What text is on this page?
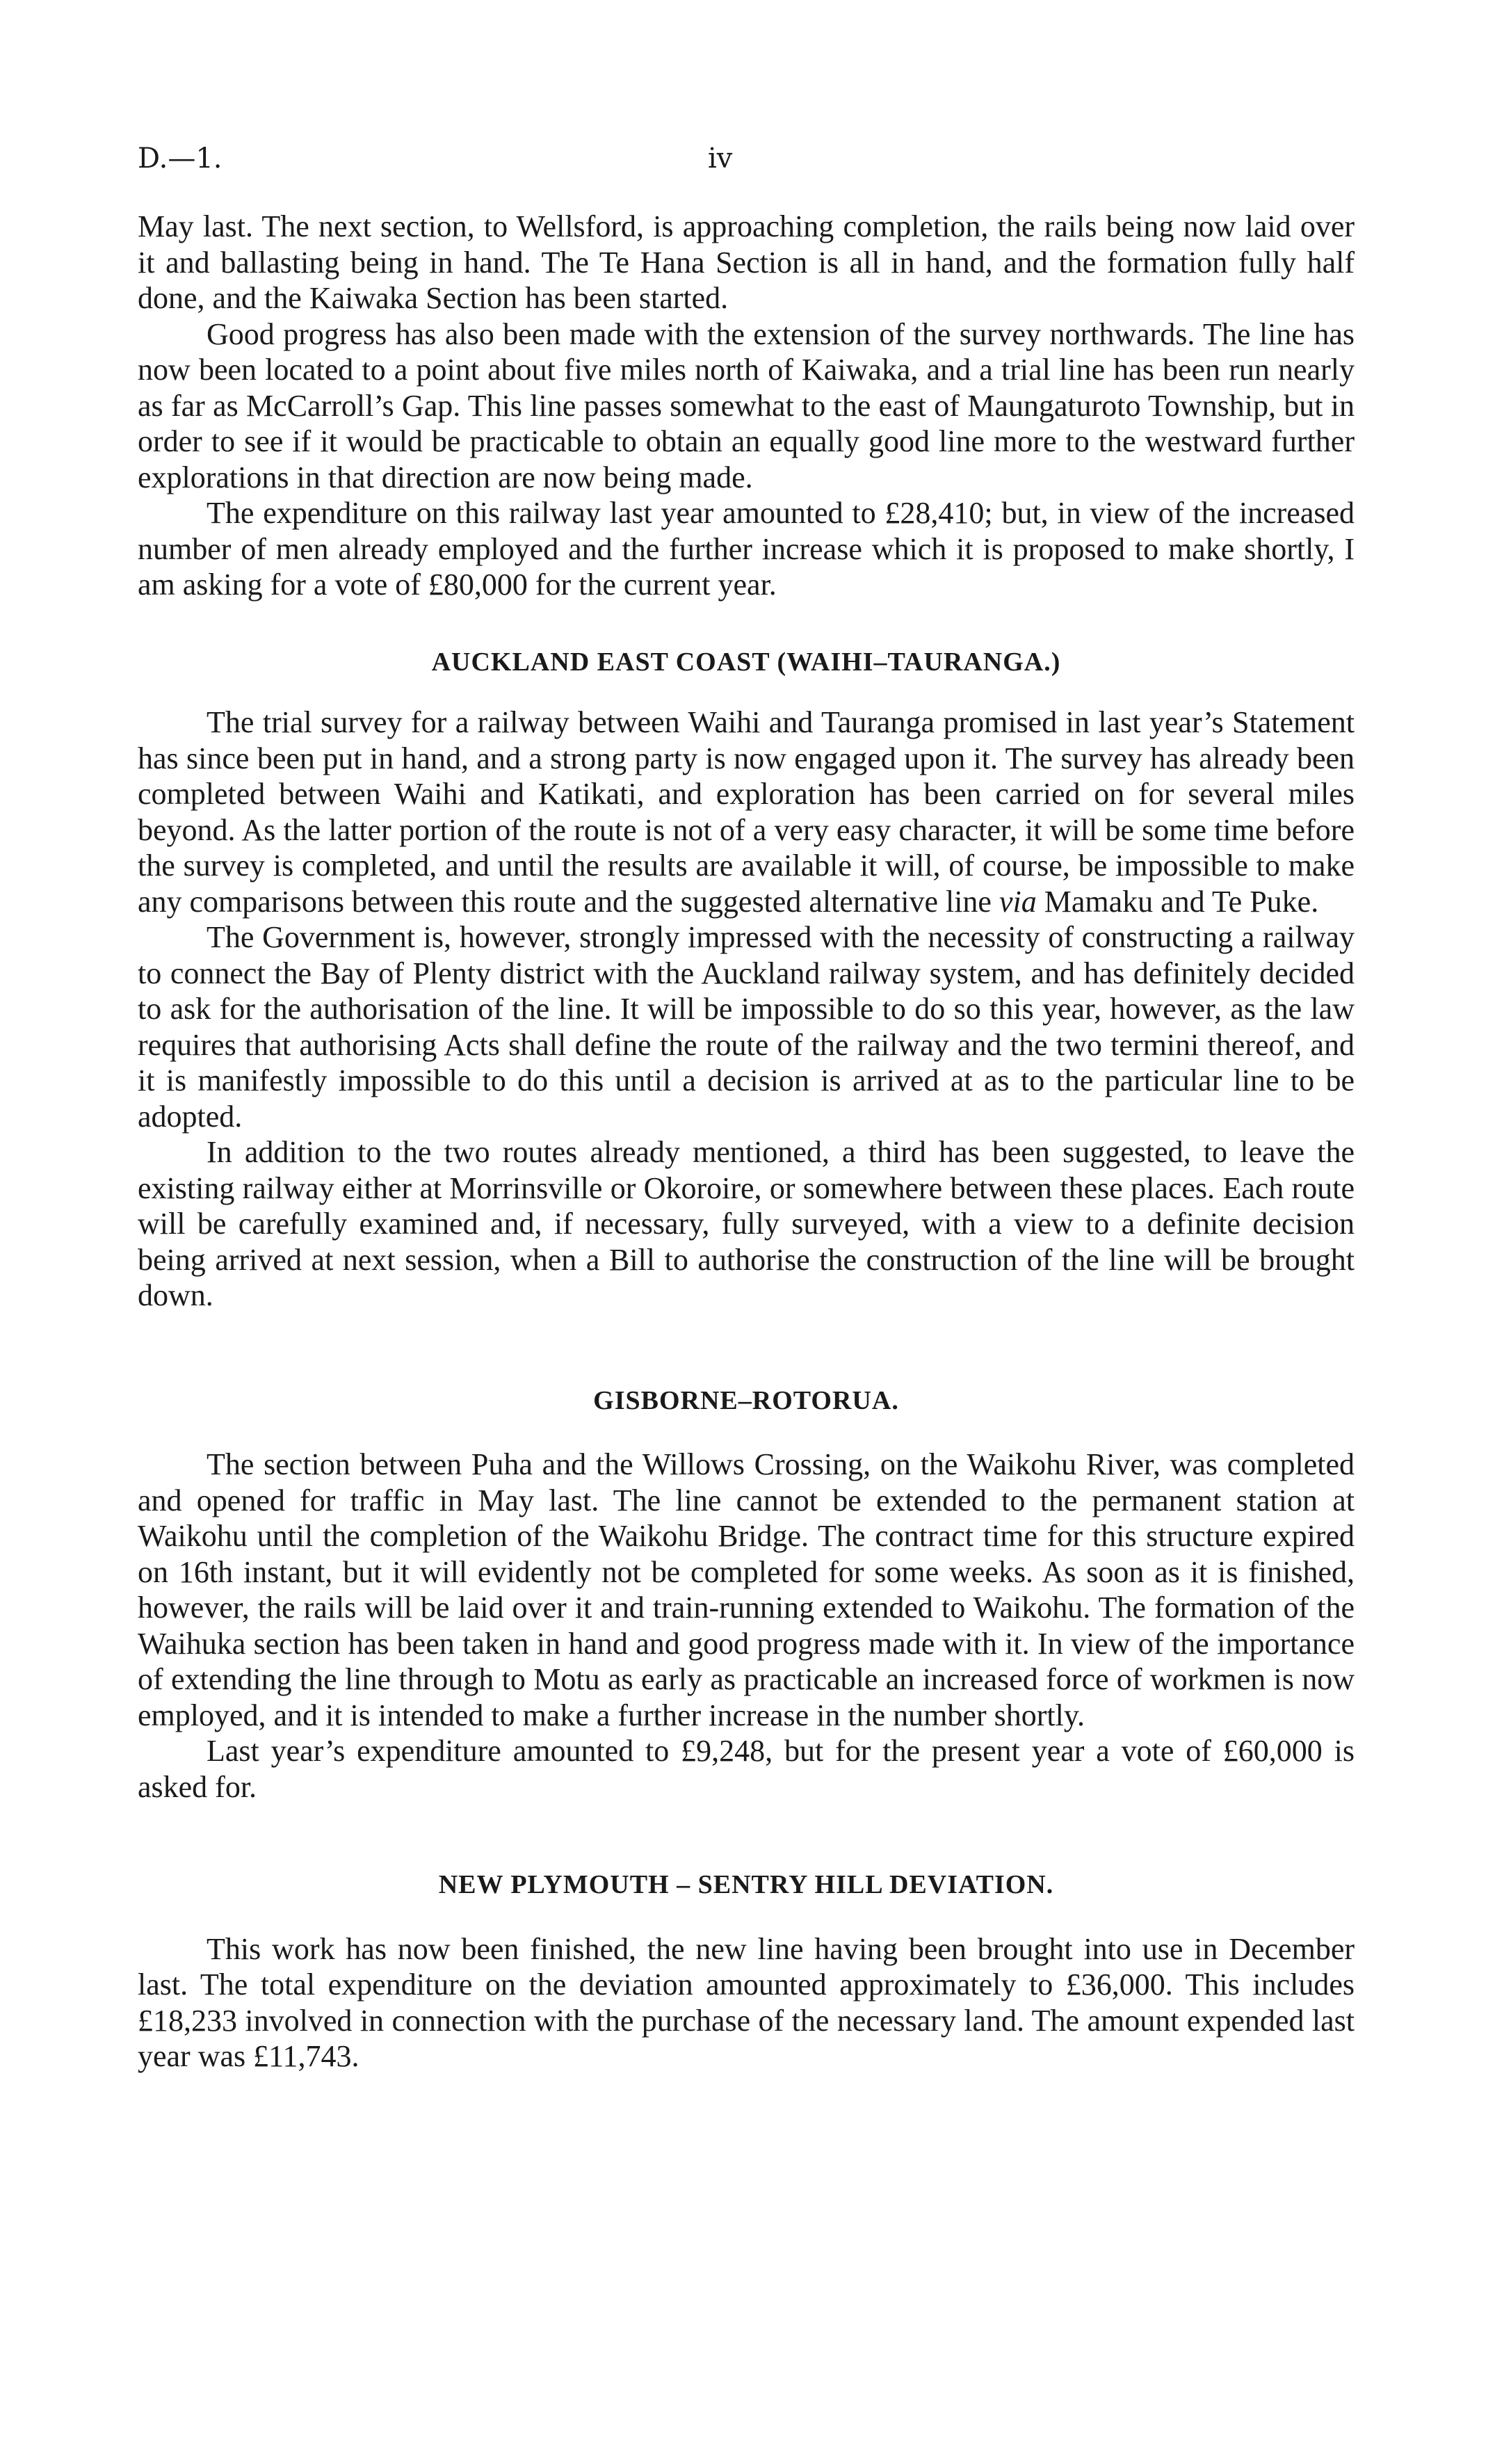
D.—1.	iv

May last. The next section, to Wellsford, is approaching completion, the rails being now laid over it and ballasting being in hand. The Te Hana Section is all in hand, and the formation fully half done, and the Kaiwaka Section has been started.

Good progress has also been made with the extension of the survey northwards. The line has now been located to a point about five miles north of Kaiwaka, and a trial line has been run nearly as far as McCarroll’s Gap. This line passes somewhat to the east of Maungaturoto Township, but in order to see if it would be practicable to obtain an equally good line more to the westward further explorations in that direction are now being made.

The expenditure on this railway last year amounted to £28,410; but, in view of the increased number of men already employed and the further increase which it is proposed to make shortly, I am asking for a vote of £80,000 for the current year.

AUCKLAND EAST COAST (WAIHI–TAURANGA.)

The trial survey for a railway between Waihi and Tauranga promised in last year’s Statement has since been put in hand, and a strong party is now engaged upon it. The survey has already been completed between Waihi and Katikati, and exploration has been carried on for several miles beyond. As the latter portion of the route is not of a very easy character, it will be some time before the survey is completed, and until the results are available it will, of course, be impossible to make any comparisons between this route and the suggested alternative line via Mamaku and Te Puke.

The Government is, however, strongly impressed with the necessity of constructing a railway to connect the Bay of Plenty district with the Auckland railway system, and has definitely decided to ask for the authorisation of the line. It will be impossible to do so this year, however, as the law requires that authorising Acts shall define the route of the railway and the two termini thereof, and it is manifestly impossible to do this until a decision is arrived at as to the particular line to be adopted.

In addition to the two routes already mentioned, a third has been suggested, to leave the existing railway either at Morrinsville or Okoroire, or somewhere between these places. Each route will be carefully examined and, if necessary, fully surveyed, with a view to a definite decision being arrived at next session, when a Bill to authorise the construction of the line will be brought down.

GISBORNE–ROTORUA.

The section between Puha and the Willows Crossing, on the Waikohu River, was completed and opened for traffic in May last. The line cannot be extended to the permanent station at Waikohu until the completion of the Waikohu Bridge. The contract time for this structure expired on 16th instant, but it will evidently not be completed for some weeks. As soon as it is finished, however, the rails will be laid over it and train-running extended to Waikohu. The formation of the Waihuka section has been taken in hand and good progress made with it. In view of the importance of extending the line through to Motu as early as practicable an increased force of workmen is now employed, and it is intended to make a further increase in the number shortly.

Last year’s expenditure amounted to £9,248, but for the present year a vote of £60,000 is asked for.

NEW PLYMOUTH – SENTRY HILL DEVIATION.

This work has now been finished, the new line having been brought into use in December last. The total expenditure on the deviation amounted approximately to £36,000. This includes £18,233 involved in connection with the purchase of the necessary land. The amount expended last year was £11,743.
